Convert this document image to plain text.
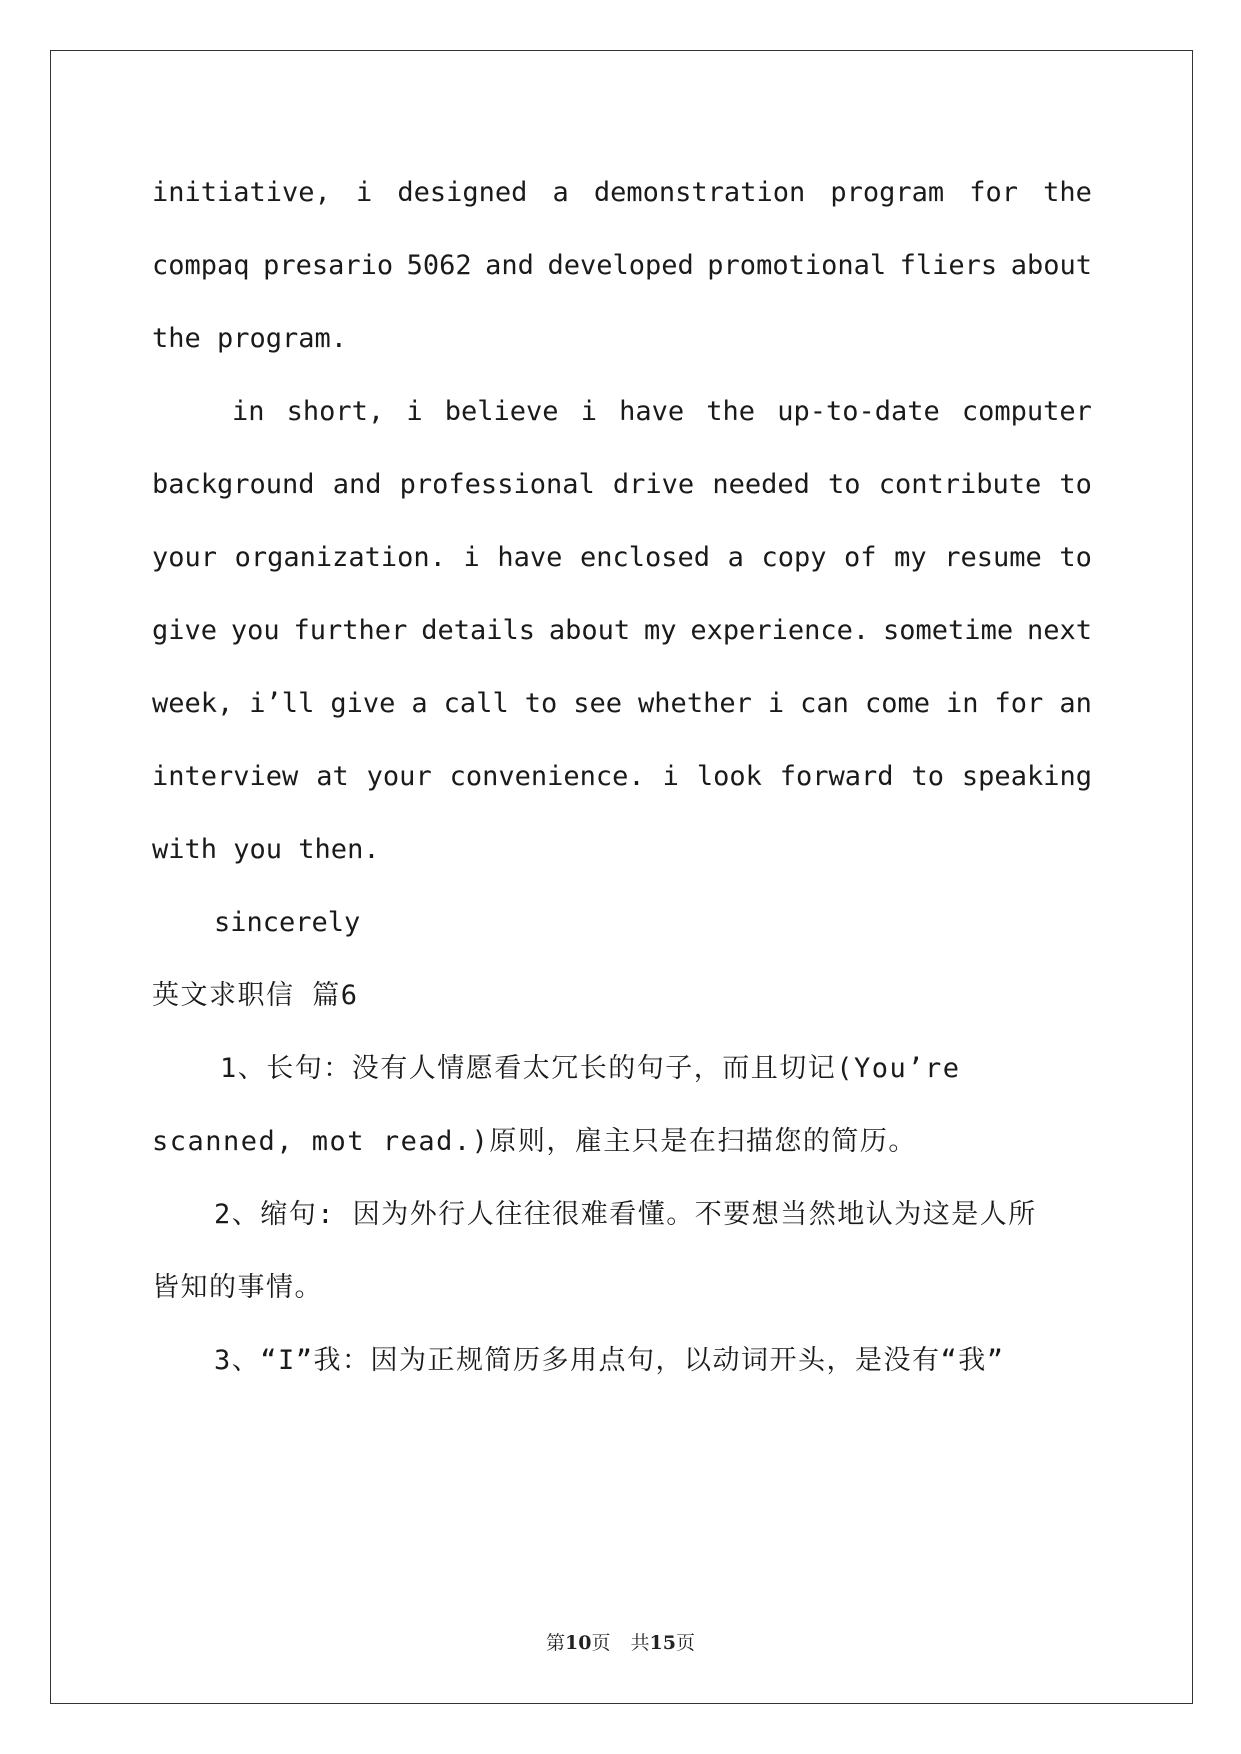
initiative, i designed a demonstration program for the
compaq presario 5062 and developed promotional fliers about
the program.
in short, i believe i have the up-to-date computer
background and professional drive needed to contribute to
your organization. i have enclosed a copy of my resume to
give you further details about my experience. sometime next
week, i’ll give a call to see whether i can come in for an
interview at your convenience. i look forward to speaking
with you then.
sincerely
英文求职信 篇6
1、长句：没有人情愿看太冗长的句子，而且切记(You’re
scanned, mot read.)原则，雇主只是在扫描您的简历。
2、缩句: 因为外行人往往很难看懂。不要想当然地认为这是人所
皆知的事情。
3、“I”我：因为正规简历多用点句，以动词开头，是没有“我”
第10页 共15页
